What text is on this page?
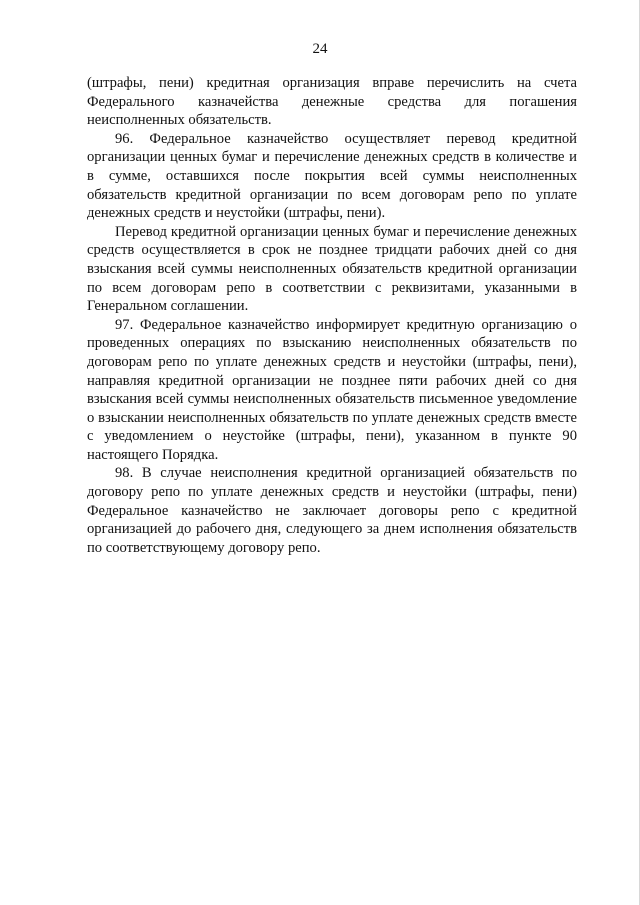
24

(штрафы, пени) кредитная организация вправе перечислить на счета Федерального казначейства денежные средства для погашения неисполненных обязательств.

96. Федеральное казначейство осуществляет перевод кредитной организации ценных бумаг и перечисление денежных средств в количестве и в сумме, оставшихся после покрытия всей суммы неисполненных обязательств кредитной организации по всем договорам репо по уплате денежных средств и неустойки (штрафы, пени).

Перевод кредитной организации ценных бумаг и перечисление денежных средств осуществляется в срок не позднее тридцати рабочих дней со дня взыскания всей суммы неисполненных обязательств кредитной организации по всем договорам репо в соответствии с реквизитами, указанными в Генеральном соглашении.

97. Федеральное казначейство информирует кредитную организацию о проведенных операциях по взысканию неисполненных обязательств по договорам репо по уплате денежных средств и неустойки (штрафы, пени), направляя кредитной организации не позднее пяти рабочих дней со дня взыскания всей суммы неисполненных обязательств письменное уведомление о взыскании неисполненных обязательств по уплате денежных средств вместе с уведомлением о неустойке (штрафы, пени), указанном в пункте 90 настоящего Порядка.

98. В случае неисполнения кредитной организацией обязательств по договору репо по уплате денежных средств и неустойки (штрафы, пени) Федеральное казначейство не заключает договоры репо с кредитной организацией до рабочего дня, следующего за днем исполнения обязательств по соответствующему договору репо.
